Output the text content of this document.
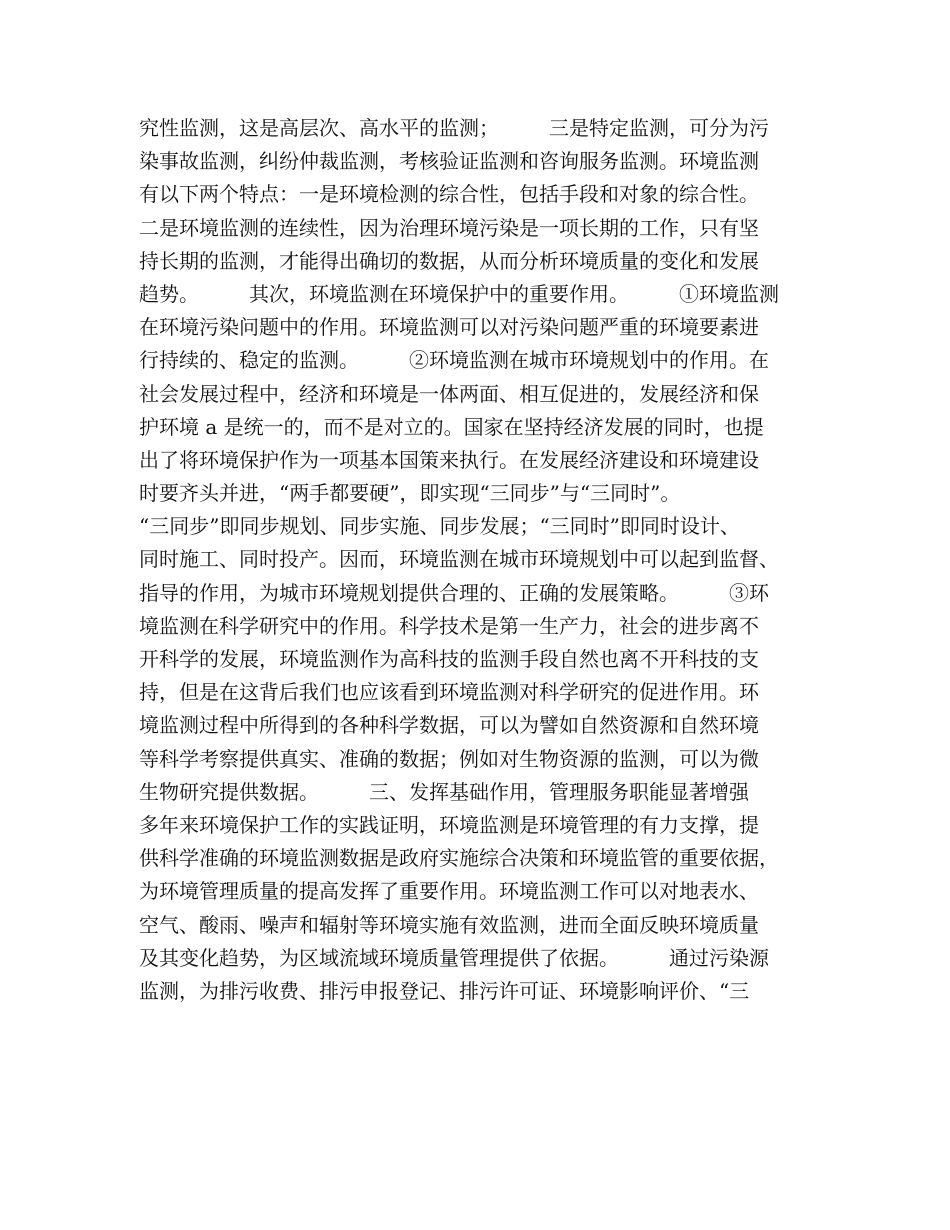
究性监测，这是高层次、高水平的监测；　　　三是特定监测，可分为污
染事故监测，纠纷仲裁监测，考核验证监测和咨询服务监测。环境监测
有以下两个特点：一是环境检测的综合性，包括手段和对象的综合性。
二是环境监测的连续性，因为治理环境污染是一项长期的工作，只有坚
持长期的监测，才能得出确切的数据，从而分析环境质量的变化和发展
趋势。　　　其次，环境监测在环境保护中的重要作用。　　　①环境监测
在环境污染问题中的作用。环境监测可以对污染问题严重的环境要素进
行持续的、稳定的监测。　　　②环境监测在城市环境规划中的作用。在
社会发展过程中，经济和环境是一体两面、相互促进的，发展经济和保
护环境 a 是统一的，而不是对立的。国家在坚持经济发展的同时，也提
出了将环境保护作为一项基本国策来执行。在发展经济建设和环境建设
时要齐头并进，“两手都要硬”，即实现“三同步”与“三同时”。
“三同步”即同步规划、同步实施、同步发展；“三同时”即同时设计、
同时施工、同时投产。因而，环境监测在城市环境规划中可以起到监督、
指导的作用，为城市环境规划提供合理的、正确的发展策略。　　　③环
境监测在科学研究中的作用。科学技术是第一生产力，社会的进步离不
开科学的发展，环境监测作为高科技的监测手段自然也离不开科技的支
持，但是在这背后我们也应该看到环境监测对科学研究的促进作用。环
境监测过程中所得到的各种科学数据，可以为譬如自然资源和自然环境
等科学考察提供真实、准确的数据；例如对生物资源的监测，可以为微
生物研究提供数据。　　　三、发挥基础作用，管理服务职能显著增强
多年来环境保护工作的实践证明，环境监测是环境管理的有力支撑，提
供科学准确的环境监测数据是政府实施综合决策和环境监管的重要依据，
为环境管理质量的提高发挥了重要作用。环境监测工作可以对地表水、
空气、酸雨、噪声和辐射等环境实施有效监测，进而全面反映环境质量
及其变化趋势，为区域流域环境质量管理提供了依据。　　　通过污染源
监测，为排污收费、排污申报登记、排污许可证、环境影响评价、“三
